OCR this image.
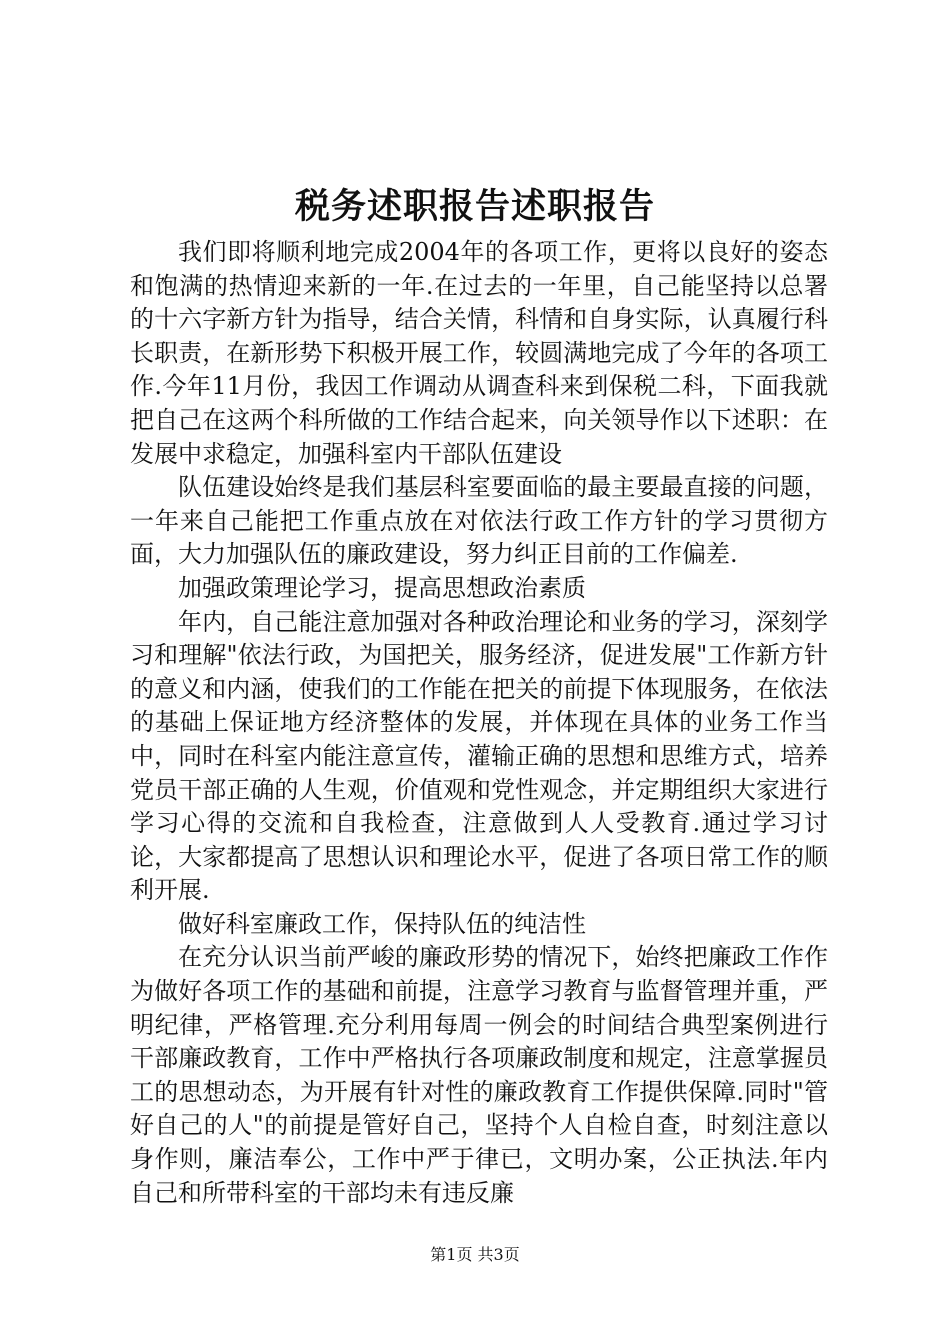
税务述职报告述职报告

我们即将顺利地完成2004年的各项工作，更将以良好的姿态和饱满的热情迎来新的一年.在过去的一年里，自己能坚持以总署的十六字新方针为指导，结合关情，科情和自身实际，认真履行科长职责，在新形势下积极开展工作，较圆满地完成了今年的各项工作.今年11月份，我因工作调动从调查科来到保税二科，下面我就把自己在这两个科所做的工作结合起来，向关领导作以下述职：在发展中求稳定，加强科室内干部队伍建设

队伍建设始终是我们基层科室要面临的最主要最直接的问题，一年来自己能把工作重点放在对依法行政工作方针的学习贯彻方面，大力加强队伍的廉政建设，努力纠正目前的工作偏差.

加强政策理论学习，提高思想政治素质

年内，自己能注意加强对各种政治理论和业务的学习，深刻学习和理解"依法行政，为国把关，服务经济，促进发展"工作新方针的意义和内涵，使我们的工作能在把关的前提下体现服务，在依法的基础上保证地方经济整体的发展，并体现在具体的业务工作当中，同时在科室内能注意宣传，灌输正确的思想和思维方式，培养党员干部正确的人生观，价值观和党性观念，并定期组织大家进行学习心得的交流和自我检查，注意做到人人受教育.通过学习讨论，大家都提高了思想认识和理论水平，促进了各项日常工作的顺利开展.

做好科室廉政工作，保持队伍的纯洁性

在充分认识当前严峻的廉政形势的情况下，始终把廉政工作作为做好各项工作的基础和前提，注意学习教育与监督管理并重，严明纪律，严格管理.充分利用每周一例会的时间结合典型案例进行干部廉政教育，工作中严格执行各项廉政制度和规定，注意掌握员工的思想动态，为开展有针对性的廉政教育工作提供保障.同时"管好自己的人"的前提是管好自己，坚持个人自检自查，时刻注意以身作则，廉洁奉公，工作中严于律已，文明办案，公正执法.年内自己和所带科室的干部均未有违反廉

第1页 共3页
